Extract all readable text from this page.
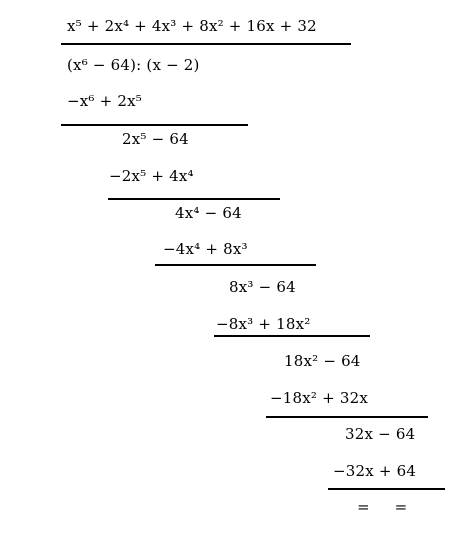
x⁵ + 2x⁴ + 4x³ + 8x² + 16x + 32
(x⁶ − 64): (x − 2)
−x⁶ + 2x⁵
2x⁵ − 64
−2x⁵ + 4x⁴
4x⁴ − 64
−4x⁴ + 8x³
8x³ − 64
−8x³ + 18x²
18x² − 64
−18x² + 32x
32x − 64
−32x + 64
=     =
